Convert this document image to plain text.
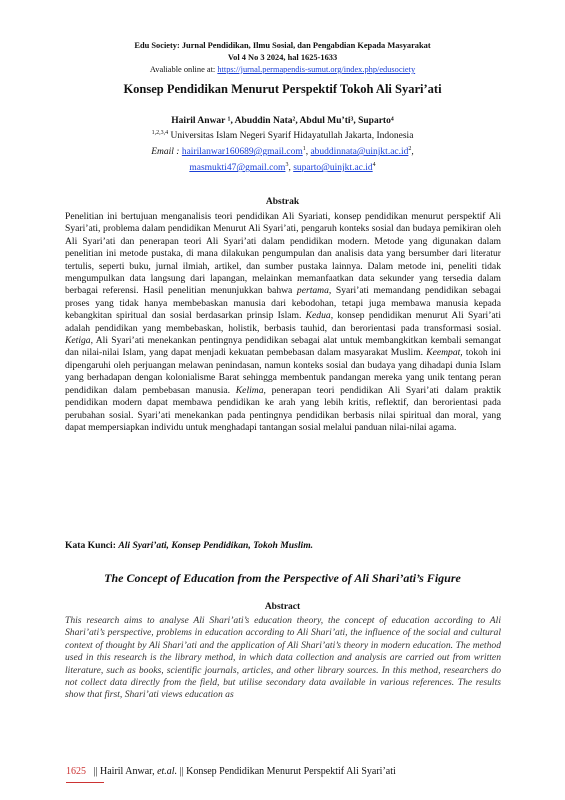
Edu Society: Jurnal Pendidikan, Ilmu Sosial, dan Pengabdian Kepada Masyarakat
Vol 4 No 3 2024, hal 1625-1633
Avaliable online at: https://jurnal.permapendis-sumut.org/index.php/edusociety
Konsep Pendidikan Menurut Perspektif Tokoh Ali Syari’ati
Hairil Anwar ¹, Abuddin Nata², Abdul Mu’ti³, Suparto⁴
$^{1,2,3,4}$ Universitas Islam Negeri Syarif Hidayatullah Jakarta, Indonesia
Email : hairilanwar160689@gmail.com$^1$, $abuddinnata@uinjkt.ac.id^2$,
masmukti47@gmail.com$^3$, $suparto@uinjkt.ac.id^4$
Abstrak
Penelitian ini bertujuan menganalisis teori pendidikan Ali Syariati, konsep pendidikan menurut perspektif Ali Syari’ati, problema dalam pendidikan Menurut Ali Syari’ati, pengaruh konteks sosial dan budaya pemikiran oleh Ali Syari’ati dan penerapan teori Ali Syari’ati dalam pendidikan modern. Metode yang digunakan dalam penelitian ini metode pustaka, di mana dilakukan pengumpulan dan analisis data yang bersumber dari literatur tertulis, seperti buku, jurnal ilmiah, artikel, dan sumber pustaka lainnya. Dalam metode ini, peneliti tidak mengumpulkan data langsung dari lapangan, melainkan memanfaatkan data sekunder yang tersedia dalam berbagai referensi. Hasil penelitian menunjukkan bahwa pertama, Syari’ati memandang pendidikan sebagai proses yang tidak hanya membebaskan manusia dari kebodohan, tetapi juga membawa manusia kepada kebangkitan spiritual dan sosial berdasarkan prinsip Islam. Kedua, konsep pendidikan menurut Ali Syari’ati adalah pendidikan yang membebaskan, holistik, berbasis tauhid, dan berorientasi pada transformasi sosial. Ketiga, Ali Syari’ati menekankan pentingnya pendidikan sebagai alat untuk membangkitkan kembali semangat dan nilai-nilai Islam, yang dapat menjadi kekuatan pembebasan dalam masyarakat Muslim. Keempat, tokoh ini dipengaruhi oleh perjuangan melawan penindasan, namun konteks sosial dan budaya yang dihadapi dunia Islam yang berhadapan dengan kolonialisme Barat sehingga membentuk pandangan mereka yang unik tentang peran pendidikan dalam pembebasan manusia. Kelima, penerapan teori pendidikan Ali Syari’ati dalam praktik pendidikan modern dapat membawa pendidikan ke arah yang lebih kritis, reflektif, dan berorientasi pada perubahan sosial. Syari’ati menekankan pada pentingnya pendidikan berbasis nilai spiritual dan moral, yang dapat mempersiapkan individu untuk menghadapi tantangan sosial melalui panduan nilai-nilai agama.
Kata Kunci: Ali Syari’ati, Konsep Pendidikan, Tokoh Muslim.
The Concept of Education from the Perspective of Ali Shari’ati’s Figure
Abstract
This research aims to analyse Ali Shari’ati’s education theory, the concept of education according to Ali Shari’ati’s perspective, problems in education according to Ali Shari’ati, the influence of the social and cultural context of thought by Ali Shari’ati and the application of Ali Shari’ati’s theory in modern education. The method used in this research is the library method, in which data collection and analysis are carried out from written literature, such as books, scientific journals, articles, and other library sources. In this method, researchers do not collect data directly from the field, but utilise secondary data available in various references. The results show that first, Shari’ati views education as
1625 || Hairil Anwar, et.al. || Konsep Pendidikan Menurut Perspektif Ali Syari’ati
